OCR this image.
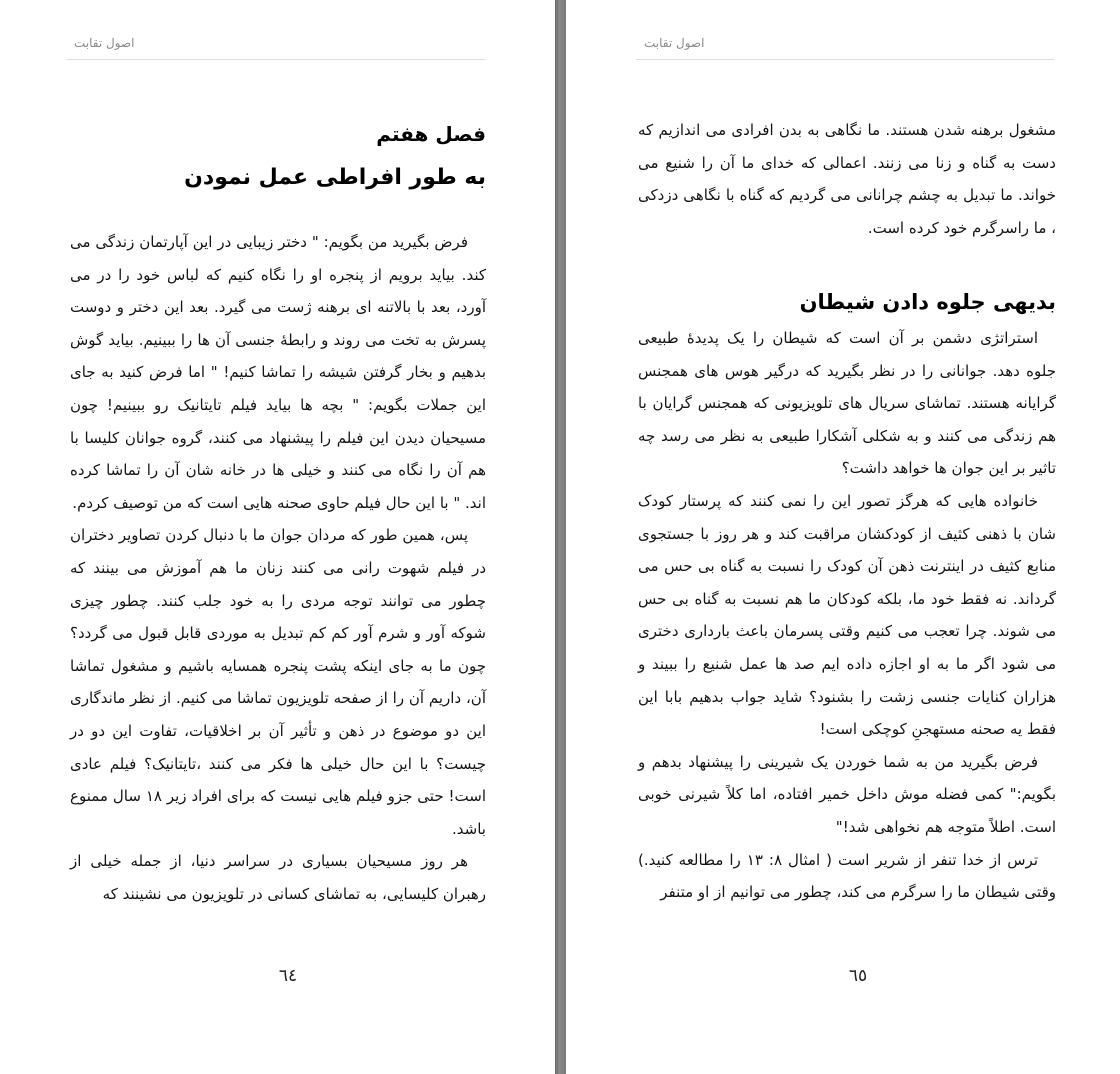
اصول تقابت
فصل هفتم
به طور افراطی عمل نمودن

فرض بگیرید من بگویم: " دختر زیبایی در این آپارتمان زندگی می کند. بیاید برویم از پنجره او را نگاه کنیم که لباس خود را در می آورد، بعد با بالاتنه ای برهنه ژست می گیرد. بعد این دختر و دوست پسرش به تخت می روند و رابطهٔ جنسی آن ها را ببینیم. بیاید گوش بدهیم و بخار گرفتن شیشه را تماشا کنیم! " اما فرض کنید به جای این جملات بگویم: " بچه ها بیاید فیلم تایتانیک رو ببینیم! چون مسیحیان دیدن این فیلم را پیشنهاد می کنند، گروه جوانان کلیسا با هم آن را نگاه می کنند و خیلی ها در خانه شان آن را تماشا کرده اند. " با این حال فیلم حاوی صحنه هایی است که من توصیف کردم.

پس، همین طور که مردان جوان ما با دنبال کردن تصاویر دختران در فیلم شهوت رانی می کنند زنان ما هم آموزش می بینند که چطور می توانند توجه مردی را به خود جلب کنند. چطور چیزی شوکه آور و شرم آور کم کم تبدیل به موردی قابل قبول می گردد؟ چون ما به جای اینکه پشت پنجره همسایه باشیم و مشغول تماشا آن، داریم آن را از صفحه تلویزیون تماشا می کنیم. از نظر ماندگاری این دو موضوع در ذهن و تأثیر آن بر اخلاقیات، تفاوت این دو در چیست؟ با این حال خیلی ها فکر می کنند ،تایتانیک؟ فیلم عادی است! حتی جزو فیلم هایی نیست که برای افراد زیر ۱۸ سال ممنوع باشد.

هر روز مسیحیان بسیاری در سراسر دنیا، از جمله خیلی از رهبران کلیسایی، به تماشای کسانی در تلویزیون می نشینند که

٦٤
اصول تقابت

مشغول برهنه شدن هستند. ما نگاهی به بدن افرادی می اندازیم که دست به گناه و زنا می زنند. اعمالی که خدای ما آن را شنیع می خواند. ما تبدیل به چشم چرانانی می گردیم که گناه با نگاهی دزدکی ، ما راسرگرم خود کرده است.

بدیهی جلوه دادن شیطان

استراتژی دشمن بر آن است که شیطان را یک پدیدهٔ طبیعی جلوه دهد. جوانانی را در نظر بگیرید که درگیر هوس های همجنس گرایانه هستند. تماشای سریال های تلویزیونی که همجنس گرایان با هم زندگی می کنند و به شکلی آشکارا طبیعی به نظر می رسد چه تاثیر بر این جوان ها خواهد داشت؟

خانواده هایی که هرگز تصور این را نمی کنند که پرستار کودک شان با ذهنی کثیف از کودکشان مراقبت کند و هر روز با جستجوی منابع کثیف در اینترنت ذهن آن کودک را نسبت به گناه بی حس می گرداند. نه فقط خود ما، بلکه کودکان ما هم نسبت به گناه بی حس می شوند. چرا تعجب می کنیم وقتی پسرمان باعث بارداری دختری می شود اگر ما به او اجازه داده ایم صد ها عمل شنیع را ببیند و هزاران کنایات جنسی زشت را بشنود؟ شاید جواب بدهیم بابا این فقط یه صحنه مستهجنِ کوچکی است!

فرض بگیرید من به شما خوردن یک شیرینی را پیشنهاد بدهم و بگویم:" کمی فضله موش داخل خمیر افتاده، اما کلاً شیرنی خوبی است. اطلاً متوجه هم نخواهی شد!"

ترس از خدا تنفر از شریر است ( امثال ۸: ۱۳ را مطالعه کنید.) وقتی شیطان ما را سرگرم می کند، چطور می توانیم از او متنفر

٦٥
